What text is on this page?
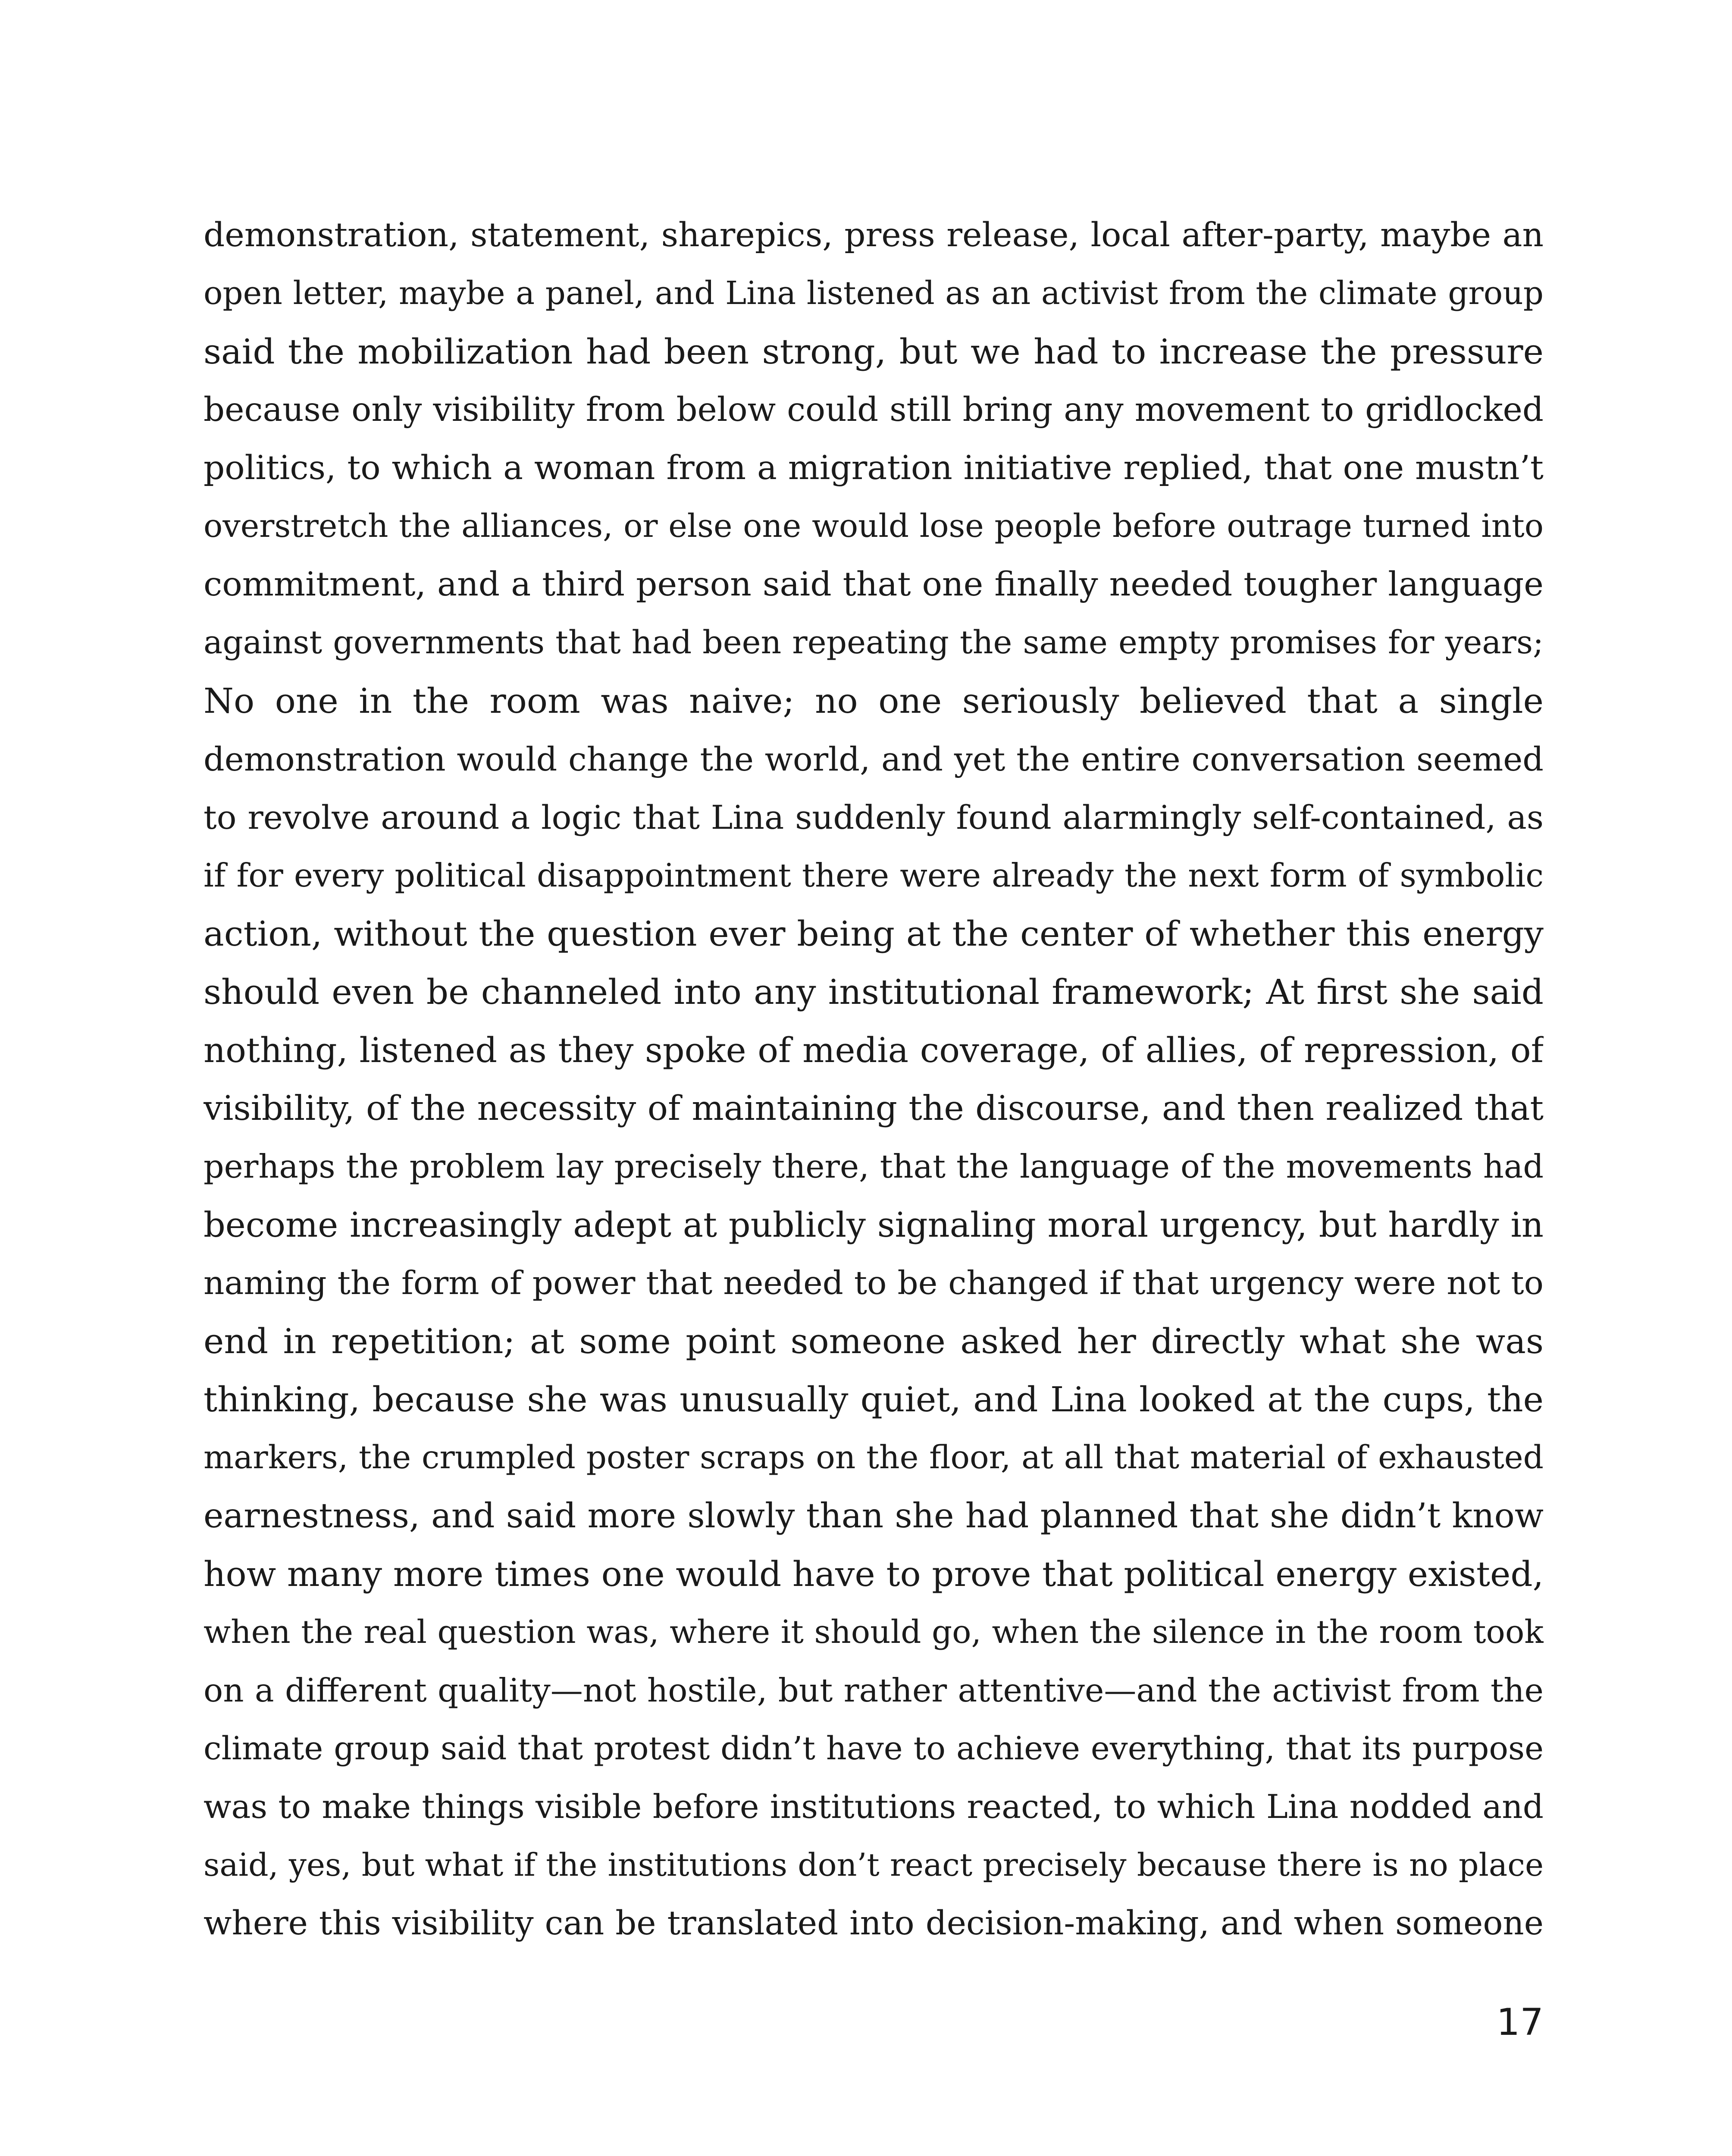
demonstration, statement, sharepics, press release, local after-party, maybe an
open letter, maybe a panel, and Lina listened as an activist from the climate group
said the mobilization had been strong, but we had to increase the pressure
because only visibility from below could still bring any movement to gridlocked
politics, to which a woman from a migration initiative replied, that one mustn’t
overstretch the alliances, or else one would lose people before outrage turned into
commitment, and a third person said that one finally needed tougher language
against governments that had been repeating the same empty promises for years;
No one in the room was naive; no one seriously believed that a single
demonstration would change the world, and yet the entire conversation seemed
to revolve around a logic that Lina suddenly found alarmingly self-contained, as
if for every political disappointment there were already the next form of symbolic
action, without the question ever being at the center of whether this energy
should even be channeled into any institutional framework; At first she said
nothing, listened as they spoke of media coverage, of allies, of repression, of
visibility, of the necessity of maintaining the discourse, and then realized that
perhaps the problem lay precisely there, that the language of the movements had
become increasingly adept at publicly signaling moral urgency, but hardly in
naming the form of power that needed to be changed if that urgency were not to
end in repetition; at some point someone asked her directly what she was
thinking, because she was unusually quiet, and Lina looked at the cups, the
markers, the crumpled poster scraps on the floor, at all that material of exhausted
earnestness, and said more slowly than she had planned that she didn’t know
how many more times one would have to prove that political energy existed,
when the real question was, where it should go, when the silence in the room took
on a different quality—not hostile, but rather attentive—and the activist from the
climate group said that protest didn’t have to achieve everything, that its purpose
was to make things visible before institutions reacted, to which Lina nodded and
said, yes, but what if the institutions don’t react precisely because there is no place
where this visibility can be translated into decision-making, and when someone
17
